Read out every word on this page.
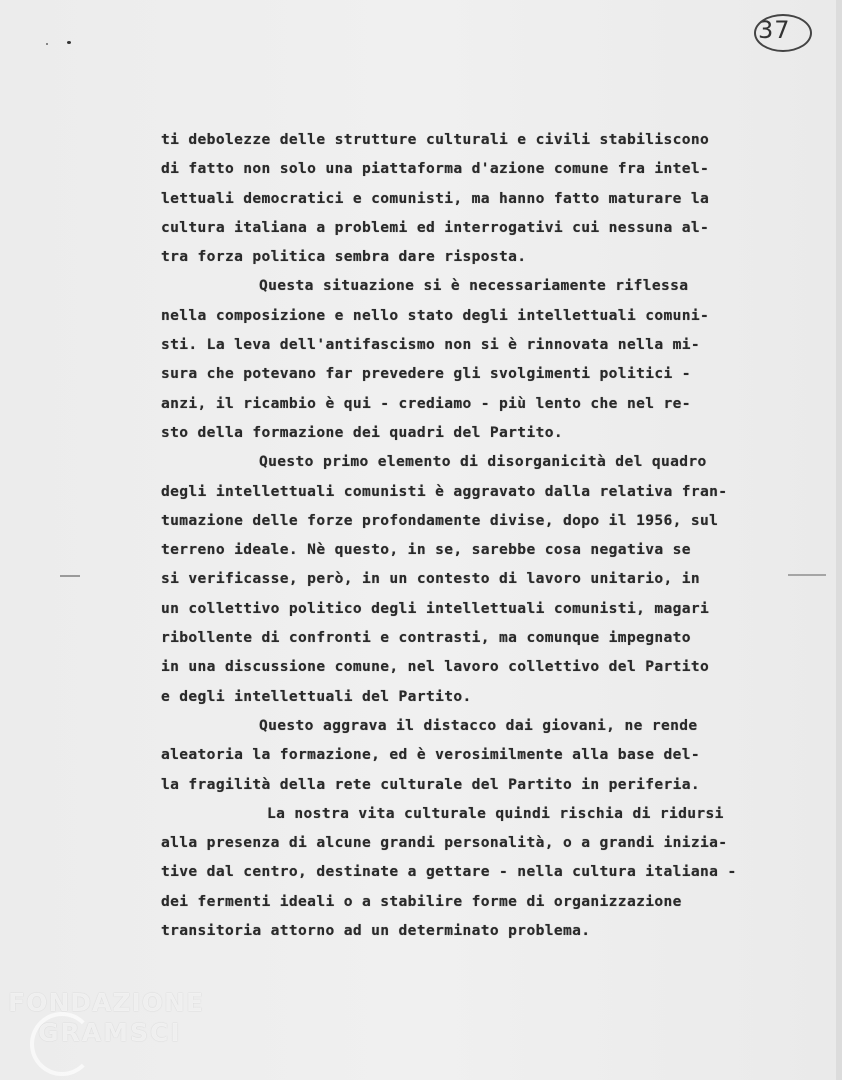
37
ti debolezze delle strutture culturali e civili stabiliscono
di fatto non solo una piattaforma d'azione comune fra intel-
lettuali democratici e comunisti, ma hanno fatto maturare la
cultura italiana a problemi ed interrogativi cui nessuna al-
tra forza politica sembra dare risposta.
Questa situazione si è necessariamente riflessa
nella composizione e nello stato degli intellettuali comuni-
sti. La leva dell'antifascismo non si è rinnovata nella mi-
sura che potevano far prevedere gli svolgimenti politici -
anzi, il ricambio è qui - crediamo - più lento che nel re-
sto della formazione dei quadri del Partito.
Questo primo elemento di disorganicità del quadro
degli intellettuali comunisti è aggravato dalla relativa fran-
tumazione delle forze profondamente divise, dopo il 1956, sul
terreno ideale. Nè questo, in se, sarebbe cosa negativa se
si verificasse, però, in un contesto di lavoro unitario, in
un collettivo politico degli intellettuali comunisti, magari
ribollente di confronti e contrasti, ma comunque impegnato
in una discussione comune, nel lavoro collettivo del Partito
e degli intellettuali del Partito.
Questo aggrava il distacco dai giovani, ne rende
aleatoria la formazione, ed è verosimilmente alla base del-
la fragilità della rete culturale del Partito in periferia.
La nostra vita culturale quindi rischia di ridursi
alla presenza di alcune grandi personalità, o a grandi inizia-
tive dal centro, destinate a gettare - nella cultura italiana -
dei fermenti ideali o a stabilire forme di organizzazione
transitoria attorno ad un determinato problema.
FONDAZIONE
GRAMSCI
